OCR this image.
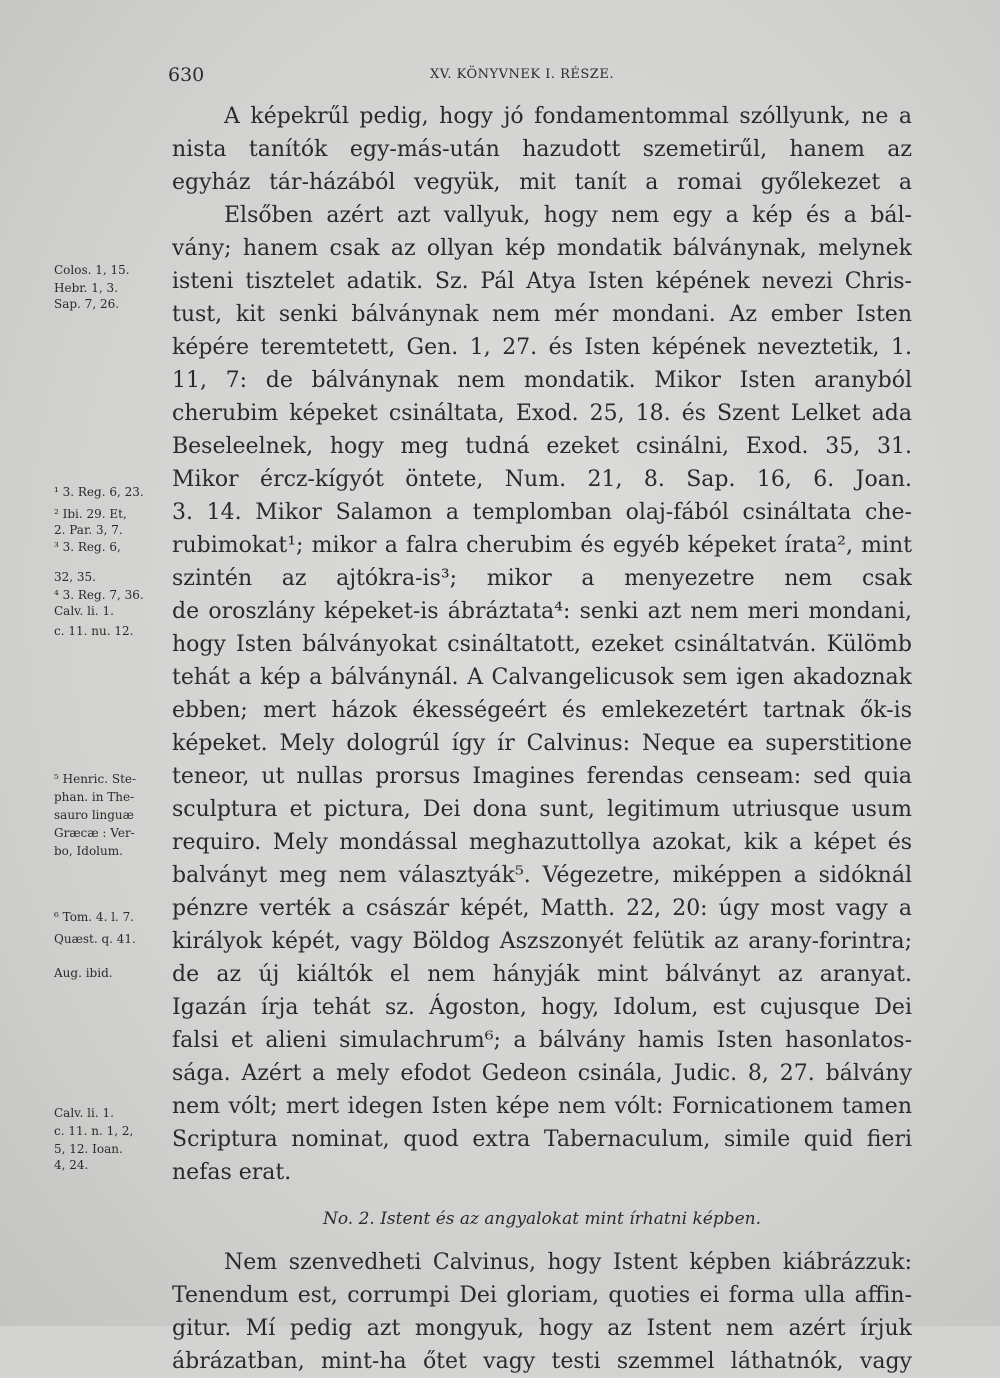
630	XV. KÖNYVNEK I. RÉSZE.
A képekrűl pedig, hogy jó fondamentommal szóllyunk, ne a
nista tanítók egy-más-után hazudott szemetirűl, hanem az
egyház tár-házából vegyük, mit tanít a romai győlekezet a
Elsőben azért azt vallyuk, hogy nem egy a kép és a bál-
vány; hanem csak az ollyan kép mondatik bálványnak, melynek
isteni tisztelet adatik. Sz. Pál Atya Isten képének nevezi Chris-
tust, kit senki bálványnak nem mér mondani. Az ember Isten
képére teremtetett, Gen. 1, 27. és Isten képének neveztetik, 1.
11, 7: de bálványnak nem mondatik. Mikor Isten aranyból
cherubim képeket csináltata, Exod. 25, 18. és Szent Lelket ada
Beseleelnek, hogy meg tudná ezeket csinálni, Exod. 35, 31.
Mikor ércz-kígyót öntete, Num. 21, 8. Sap. 16, 6. Joan.
3. 14. Mikor Salamon a templomban olaj-fából csináltata che-
rubimokat¹; mikor a falra cherubim és egyéb képeket írata², mint
szintén az ajtókra-is³; mikor a menyezetre nem csak
de oroszlány képeket-is ábráztata⁴: senki azt nem meri mondani,
hogy Isten bálványokat csináltatott, ezeket csináltatván. Külömb
tehát a kép a bálványnál. A Calvangelicusok sem igen akadoznak
ebben; mert házok ékességeért és emlekezetért tartnak ők-is
képeket. Mely dologrúl így ír Calvinus: Neque ea superstitione
teneor, ut nullas prorsus Imagines ferendas censeam: sed quia
sculptura et pictura, Dei dona sunt, legitimum utriusque usum
requiro. Mely mondással meghazuttollya azokat, kik a képet és
balványt meg nem választyák⁵. Végezetre, miképpen a sidóknál
pénzre verték a császár képét, Matth. 22, 20: úgy most vagy a
királyok képét, vagy Böldog Aszszonyét felütik az arany-forintra;
de az új kiáltók el nem hányják mint bálványt az aranyat.
Igazán írja tehát sz. Ágoston, hogy, Idolum, est cujusque Dei
falsi et alieni simulachrum⁶; a bálvány hamis Isten hasonlatos-
sága. Azért a mely efodot Gedeon csinála, Judic. 8, 27. bálvány
nem vólt; mert idegen Isten képe nem vólt: Fornicationem tamen
Scriptura nominat, quod extra Tabernaculum, simile quid fieri
nefas erat.
No. 2. Istent és az angyalokat mint írhatni képben.
Nem szenvedheti Calvinus, hogy Istent képben kiábrázzuk:
Tenendum est, corrumpi Dei gloriam, quoties ei forma ulla affin-
gitur. Mí pedig azt mongyuk, hogy az Istent nem azért írjuk
ábrázatban, mint-ha őtet vagy testi szemmel láthatnók, vagy
Colos. 1, 15.
Hebr. 1, 3.
Sap. 7, 26.
¹ 3. Reg. 6, 23.
² Ibi. 29. Et,
2. Par. 3, 7.
³ 3. Reg. 6,
32, 35.
⁴ 3. Reg. 7, 36.
Calv. li. 1.
c. 11. nu. 12.
⁵ Henric. Ste-
phan. in The-
sauro linguæ
Græcæ : Ver-
bo, Idolum.
⁶ Tom. 4. l. 7.
Quæst. q. 41.
Aug. ibid.
Calv. li. 1.
c. 11. n. 1, 2,
5, 12. Ioan.
4, 24.
